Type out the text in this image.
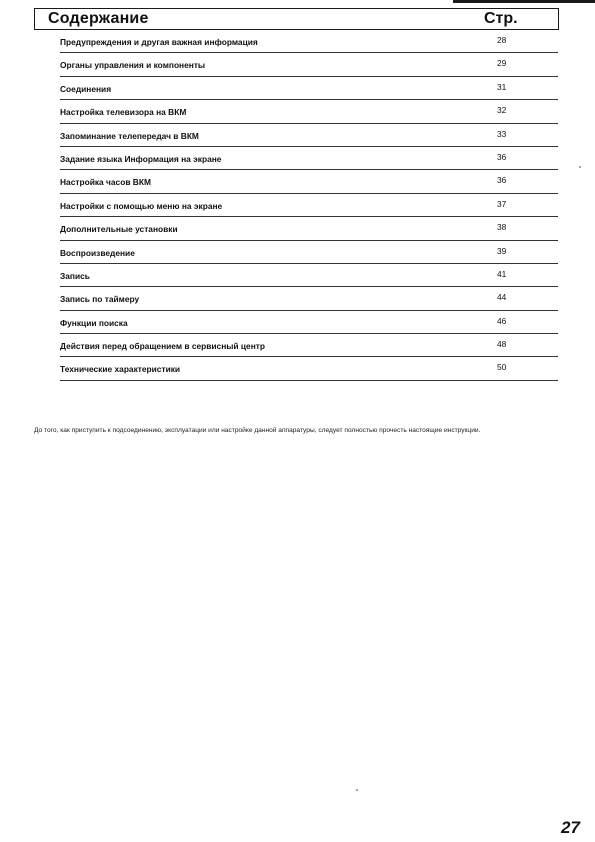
Содержание	Стр.
Предупреждения и другая важная информация	28
Органы управления и компоненты	29
Соединения	31
Настройка телевизора на ВКМ	32
Запоминание телепередач в ВКМ	33
Задание языка Информация на экране	36
Настройка часов ВКМ	36
Настройки с помощью меню на экране	37
Дополнительные установки	38
Воспроизведение	39
Запись	41
Запись по таймеру	44
Функции поиска	46
Действия перед обращением в сервисный центр	48
Технические характеристики	50

До того, как приступить к подсоединению, эксплуатации или настройке данной аппаратуры, следует полностью прочесть настоящие инструкции.

27
